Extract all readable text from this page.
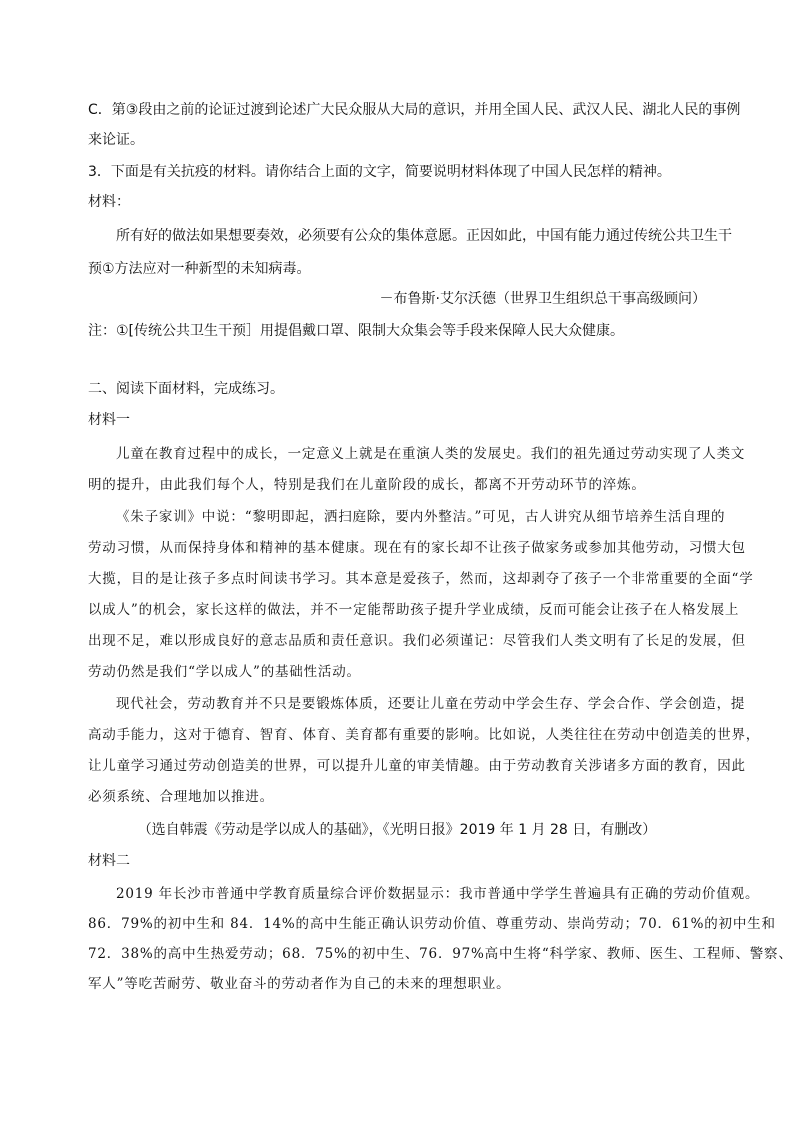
C．第③段由之前的论证过渡到论述广大民众服从大局的意识，并用全国人民、武汉人民、湖北人民的事例
来论证。
3．下面是有关抗疫的材料。请你结合上面的文字，简要说明材料体现了中国人民怎样的精神。
材料：
所有好的做法如果想要奏效，必须要有公众的集体意愿。正因如此，中国有能力通过传统公共卫生干
预①方法应对一种新型的未知病毒。
－布鲁斯·艾尔沃德（世界卫生组织总干事高级顾问）
注：①[传统公共卫生干预］用提倡戴口罩、限制大众集会等手段来保障人民大众健康。
二、阅读下面材料，完成练习。
材料一
儿童在教育过程中的成长，一定意义上就是在重演人类的发展史。我们的祖先通过劳动实现了人类文
明的提升，由此我们每个人，特别是我们在儿童阶段的成长，都离不开劳动环节的淬炼。
《朱子家训》中说：“黎明即起，洒扫庭除，要内外整洁。”可见，古人讲究从细节培养生活自理的
劳动习惯，从而保持身体和精神的基本健康。现在有的家长却不让孩子做家务或参加其他劳动，习惯大包
大揽，目的是让孩子多点时间读书学习。其本意是爱孩子，然而，这却剥夺了孩子一个非常重要的全面“学
以成人”的机会，家长这样的做法，并不一定能帮助孩子提升学业成绩，反而可能会让孩子在人格发展上
出现不足，难以形成良好的意志品质和责任意识。我们必须谨记：尽管我们人类文明有了长足的发展，但
劳动仍然是我们“学以成人”的基础性活动。
现代社会，劳动教育并不只是要锻炼体质，还要让儿童在劳动中学会生存、学会合作、学会创造，提
高动手能力，这对于德育、智育、体育、美育都有重要的影响。比如说，人类往往在劳动中创造美的世界，
让儿童学习通过劳动创造美的世界，可以提升儿童的审美情趣。由于劳动教育关涉诸多方面的教育，因此
必须系统、合理地加以推进。
（选自韩震《劳动是学以成人的基础》，《光明日报》2019 年 1 月 28 日，有删改）
材料二
2019 年长沙市普通中学教育质量综合评价数据显示：我市普通中学学生普遍具有正确的劳动价值观。
86．79%的初中生和 84．14%的高中生能正确认识劳动价值、尊重劳动、崇尚劳动；70．61%的初中生和
72．38%的高中生热爱劳动；68．75%的初中生、76．97%高中生将“科学家、教师、医生、工程师、警察、
军人”等吃苦耐劳、敬业奋斗的劳动者作为自己的未来的理想职业。
